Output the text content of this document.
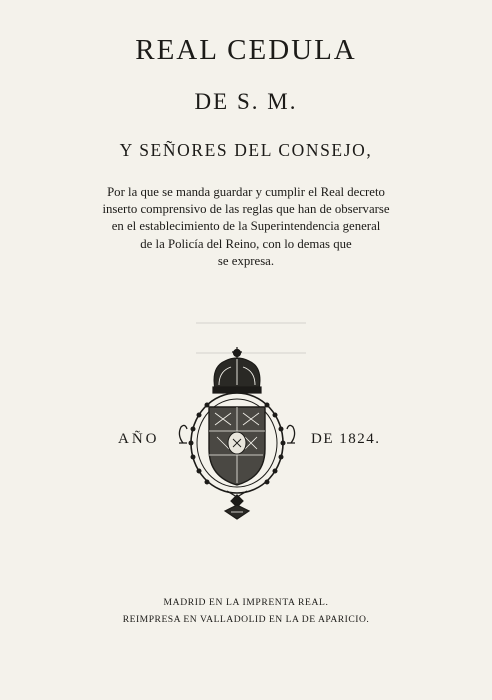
REAL CEDULA
DE S. M.
Y SEÑORES DEL CONSEJO,
Por la que se manda guardar y cumplir el Real decreto
inserto comprensivo de las reglas que han de observarse
en el establecimiento de la Superintendencia general
de la Policía del Reino, con lo demas que
se expresa.
AÑO	DE 1824.
MADRID EN LA IMPRENTA REAL.
REIMPRESA EN VALLADOLID EN LA DE APARICIO.
